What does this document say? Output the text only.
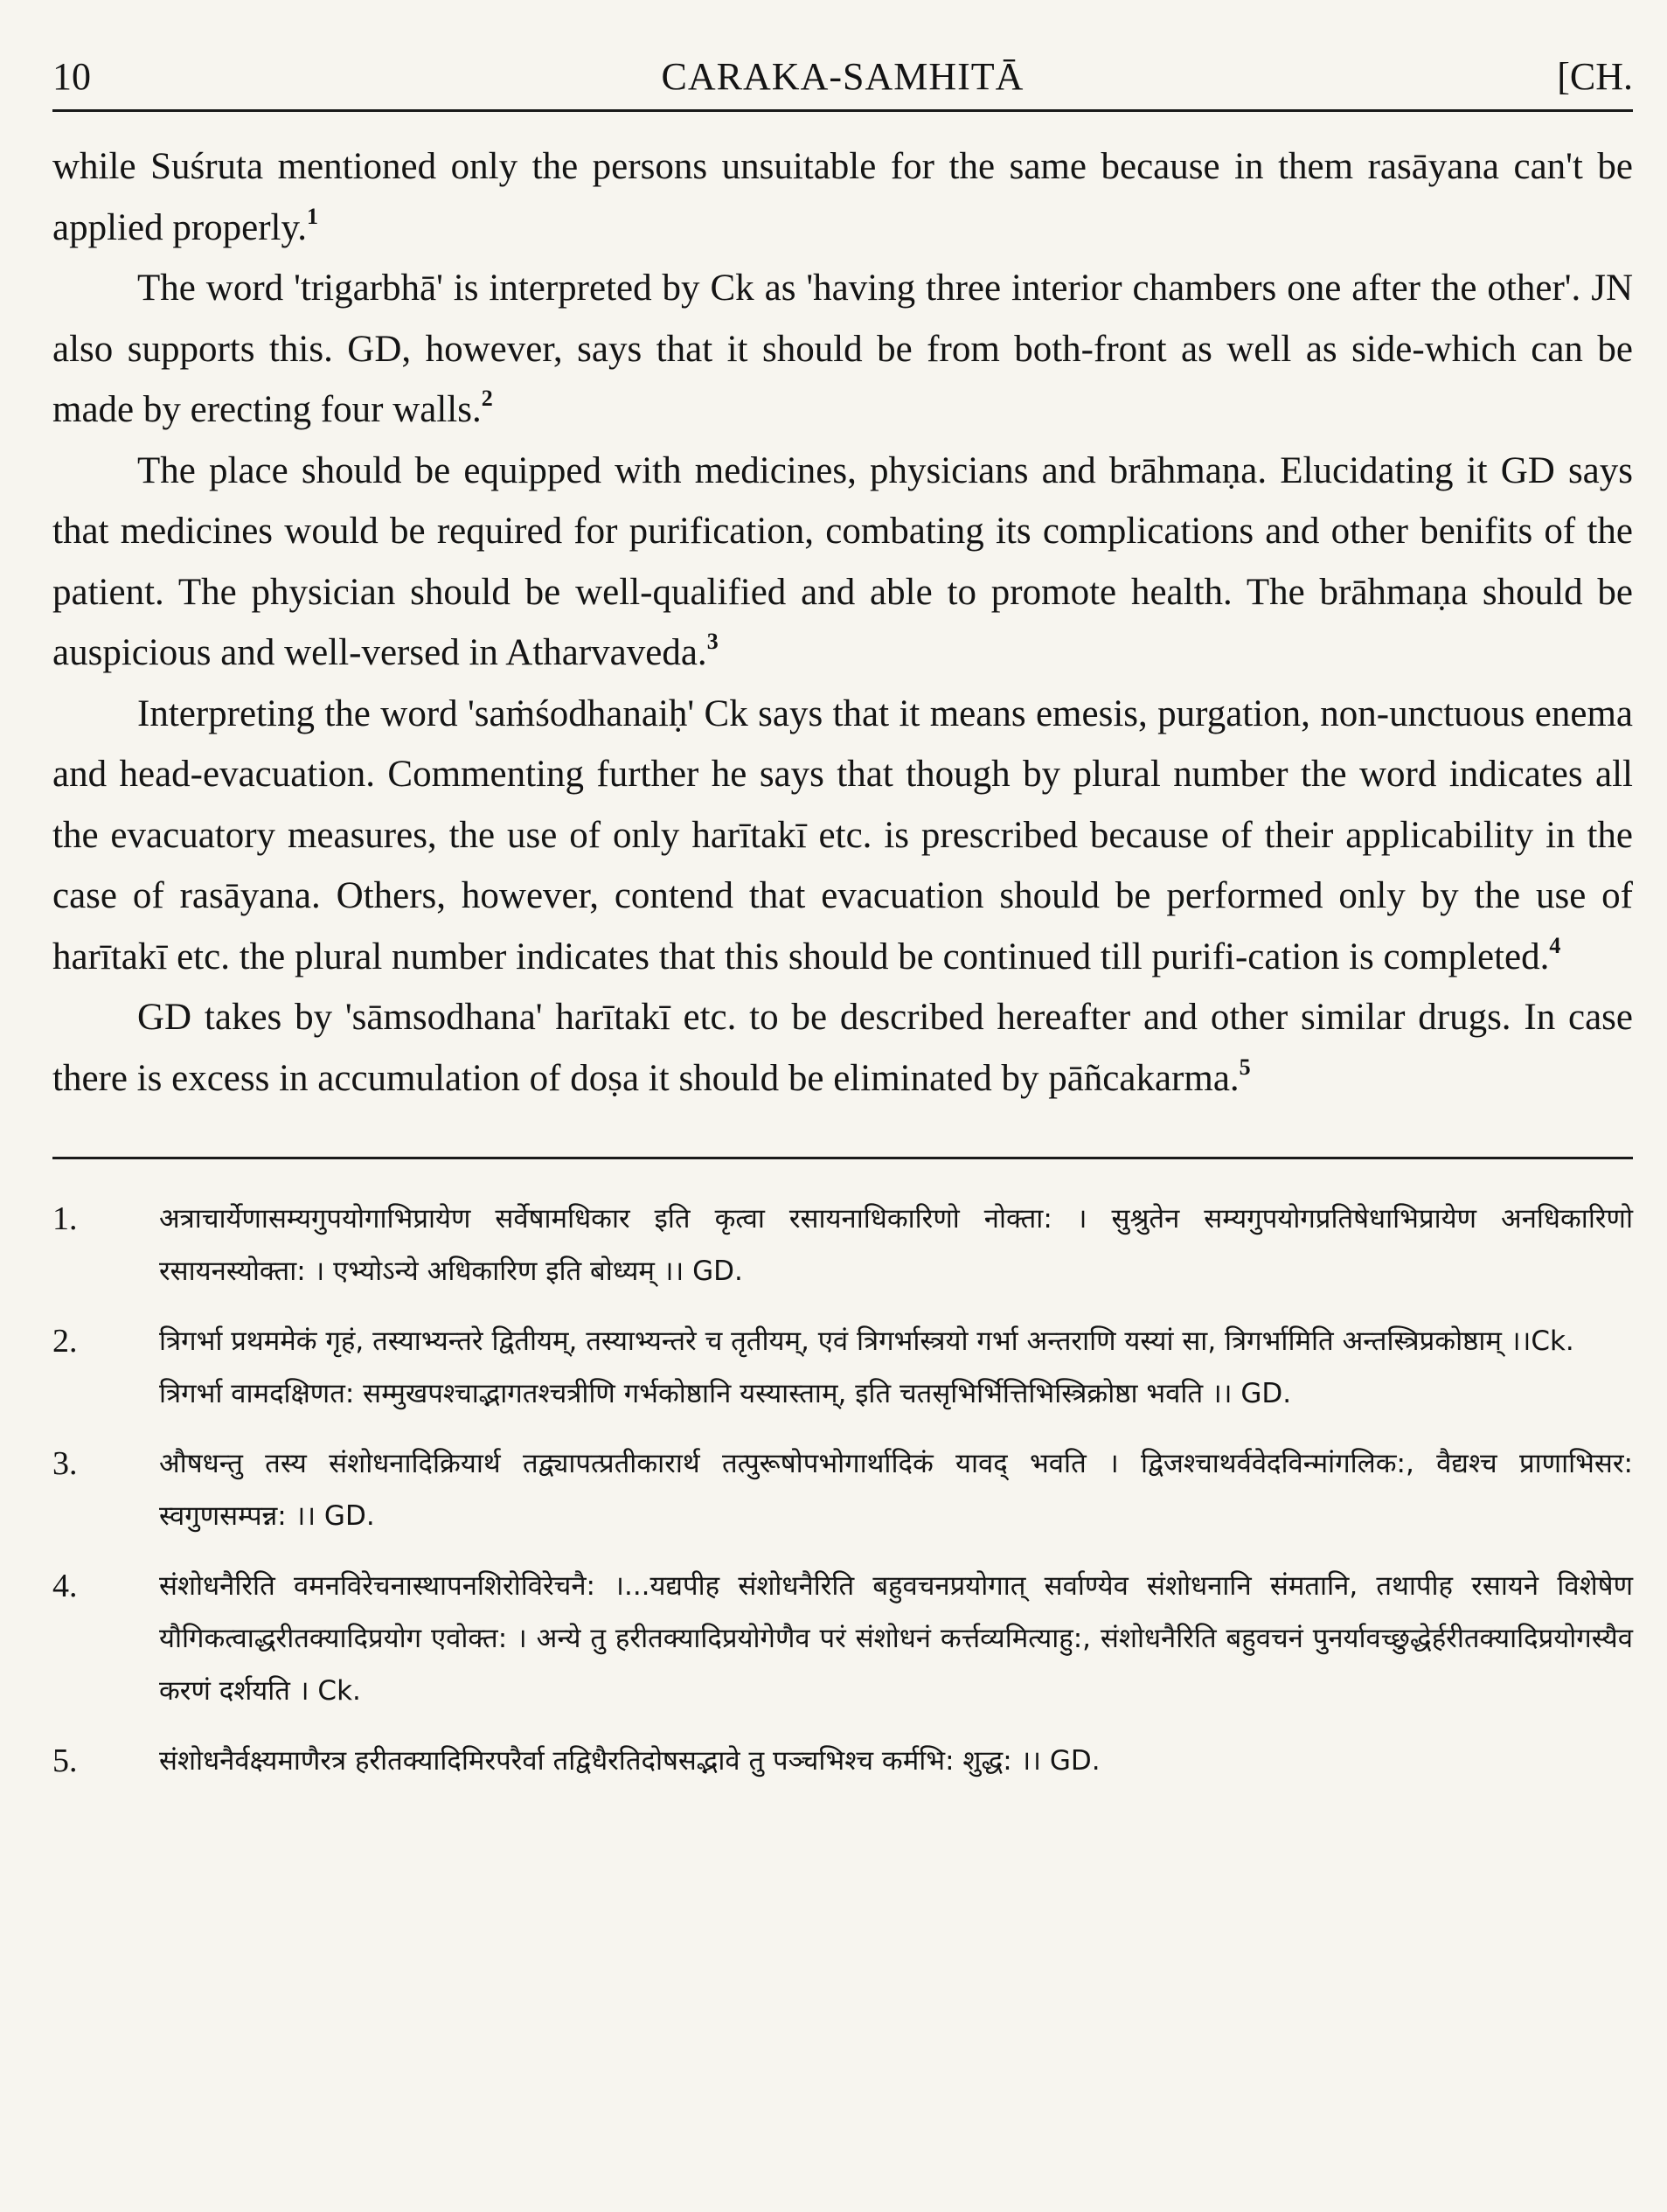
10	CARAKA-SAMHITĀ	[CH.

while Suśruta mentioned only the persons unsuitable for the same because in them rasāyana can't be applied properly.$^1$

The word 'trigarbhā' is interpreted by Ck as 'having three interior chambers one after the other'. JN also supports this. GD, however, says that it should be from both-front as well as side-which can be made by erecting four walls.$^2$

The place should be equipped with medicines, physicians and brāhmaṇa. Elucidating it GD says that medicines would be required for purification, combating its complications and other benifits of the patient. The physician should be well-qualified and able to promote health. The brāhmaṇa should be auspicious and well-versed in Atharvaveda.$^3$

Interpreting the word 'saṁśodhanaiḥ' Ck says that it means emesis, purgation, non-unctuous enema and head-evacuation. Commenting further he says that though by plural number the word indicates all the evacuatory measures, the use of only harītakī etc. is prescribed because of their applicability in the case of rasāyana. Others, however, contend that evacuation should be performed only by the use of harītakī etc. the plural number indicates that this should be continued till purifi-cation is completed.$^4$

GD takes by 'sāmsodhana' harītakī etc. to be described hereafter and other similar drugs. In case there is excess in accumulation of doṣa it should be eliminated by pāñcakarma.$^5$

1.	अत्राचार्येणासम्यगुपयोगाभिप्रायेण सर्वेषामधिकार इति कृत्वा रसायनाधिकारिणो नोक्ता: । सुश्रुतेन सम्यगुपयोगप्रतिषेधाभिप्रायेण अनधिकारिणो रसायनस्योक्ता: । एभ्योऽन्ये अधिकारिण इति बोध्यम् ।। GD.

2.	त्रिगर्भा प्रथममेकं गृहं, तस्याभ्यन्तरे द्वितीयम्, तस्याभ्यन्तरे च तृतीयम्, एवं त्रिगर्भास्त्रयो गर्भा अन्तराणि यस्यां सा, त्रिगर्भामिति अन्तस्त्रिप्रकोष्ठाम् ।।Ck.

त्रिगर्भा वामदक्षिणत: सम्मुखपश्चाद्भागतश्चत्रीणि गर्भकोष्ठानि यस्यास्ताम्, इति चतसृभिर्भित्तिभिस्त्रिक्रोष्ठा भवति ।। GD.

3.	औषधन्तु तस्य संशोधनादिक्रियार्थ तद्व्यापत्प्रतीकारार्थ तत्पुरूषोपभोगार्थादिकं यावद् भवति । द्विजश्चाथर्ववेदविन्मांगलिक:, वैद्यश्च प्राणाभिसर: स्वगुणसम्पन्न: ।। GD.

4.	संशोधनैरिति वमनविरेचनास्थापनशिरोविरेचनै: ।...यद्यपीह संशोधनैरिति बहुवचनप्रयोगात् सर्वाण्येव संशोधनानि संमतानि, तथापीह रसायने विशेषेण यौगिकत्वाद्धरीतक्यादिप्रयोग एवोक्त: । अन्ये तु हरीतक्यादिप्रयोगेणैव परं संशोधनं कर्त्तव्यमित्याहु:, संशोधनैरिति बहुवचनं पुनर्यावच्छुद्धेर्हरीतक्यादिप्रयोगस्यैव करणं दर्शयति । Ck.

5.	संशोधनैर्वक्ष्यमाणैरत्र हरीतक्यादिमिरपरैर्वा तद्विधैरतिदोषसद्भावे तु पञ्चभिश्च कर्मभि: शुद्ध: ।। GD.
